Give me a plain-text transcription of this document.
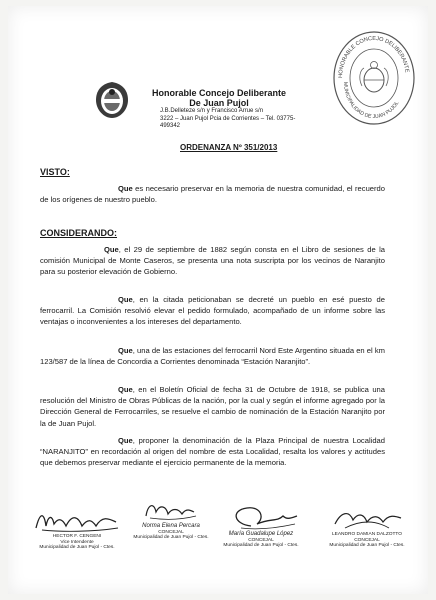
Honorable Concejo Deliberante
De Juan Pujol
J.B.Delleteze s/n y Francisco Arrue s/n
3222 – Juan Pujol Pcia de Corrientes – Tel. 03775-499342
HONORABLE CONCEJO DELIBERANTE
MUNICIPALIDAD DE JUAN PUJOL
ORDENANZA Nº 351/2013
VISTO:
Que es necesario preservar en la memoria de nuestra comunidad, el recuerdo de los orígenes de nuestro pueblo.
CONSIDERANDO:
Que, el 29 de septiembre de 1882 según consta en el Libro de sesiones de la comisión Municipal de Monte Caseros, se presenta una nota suscripta por los vecinos de Naranjito para su posterior elevación de Gobierno.
Que, en la citada peticionaban se decreté un pueblo en esé puesto de ferrocarril. La Comisión resolvió elevar el pedido formulado, acompañado de un informe sobre las ventajas o inconvenientes a los intereses del departamento.
Que, una de las estaciones del ferrocarril Nord Este Argentino situada en el km 123/587 de la línea de Concordia a Corrientes denominada “Estación Naranjito”.
Que, en el Boletín Oficial de fecha 31 de Octubre de 1918, se publica una resolución del Ministro de Obras Públicas de la nación, por la cual y según el informe agregado por la Dirección General de Ferrocarriles, se resuelve el cambio de nominación de la Estación Naranjito por la de Juan Pujol.
Que, proponer la denominación de la Plaza Principal de nuestra Localidad “NARANJITO” en recordación al origen del nombre de esta Localidad, resalta los valores y actitudes que debemos preservar mediante el ejercicio permanente de la memoria.
HECTOR F. CENGENI
Vice Intendente
Municipalidad de Juan Pujol - Ctes.
Norma Elena Percara
CONCEJAL
Municipalidad de Juan Pujol - Ctes.
María Guadalupe López
CONCEJAL
Municipalidad de Juan Pujol - Ctes.
LEANDRO DAMIAN DALZOTTO
CONCEJAL
Municipalidad de Juan Pujol - Ctes.
